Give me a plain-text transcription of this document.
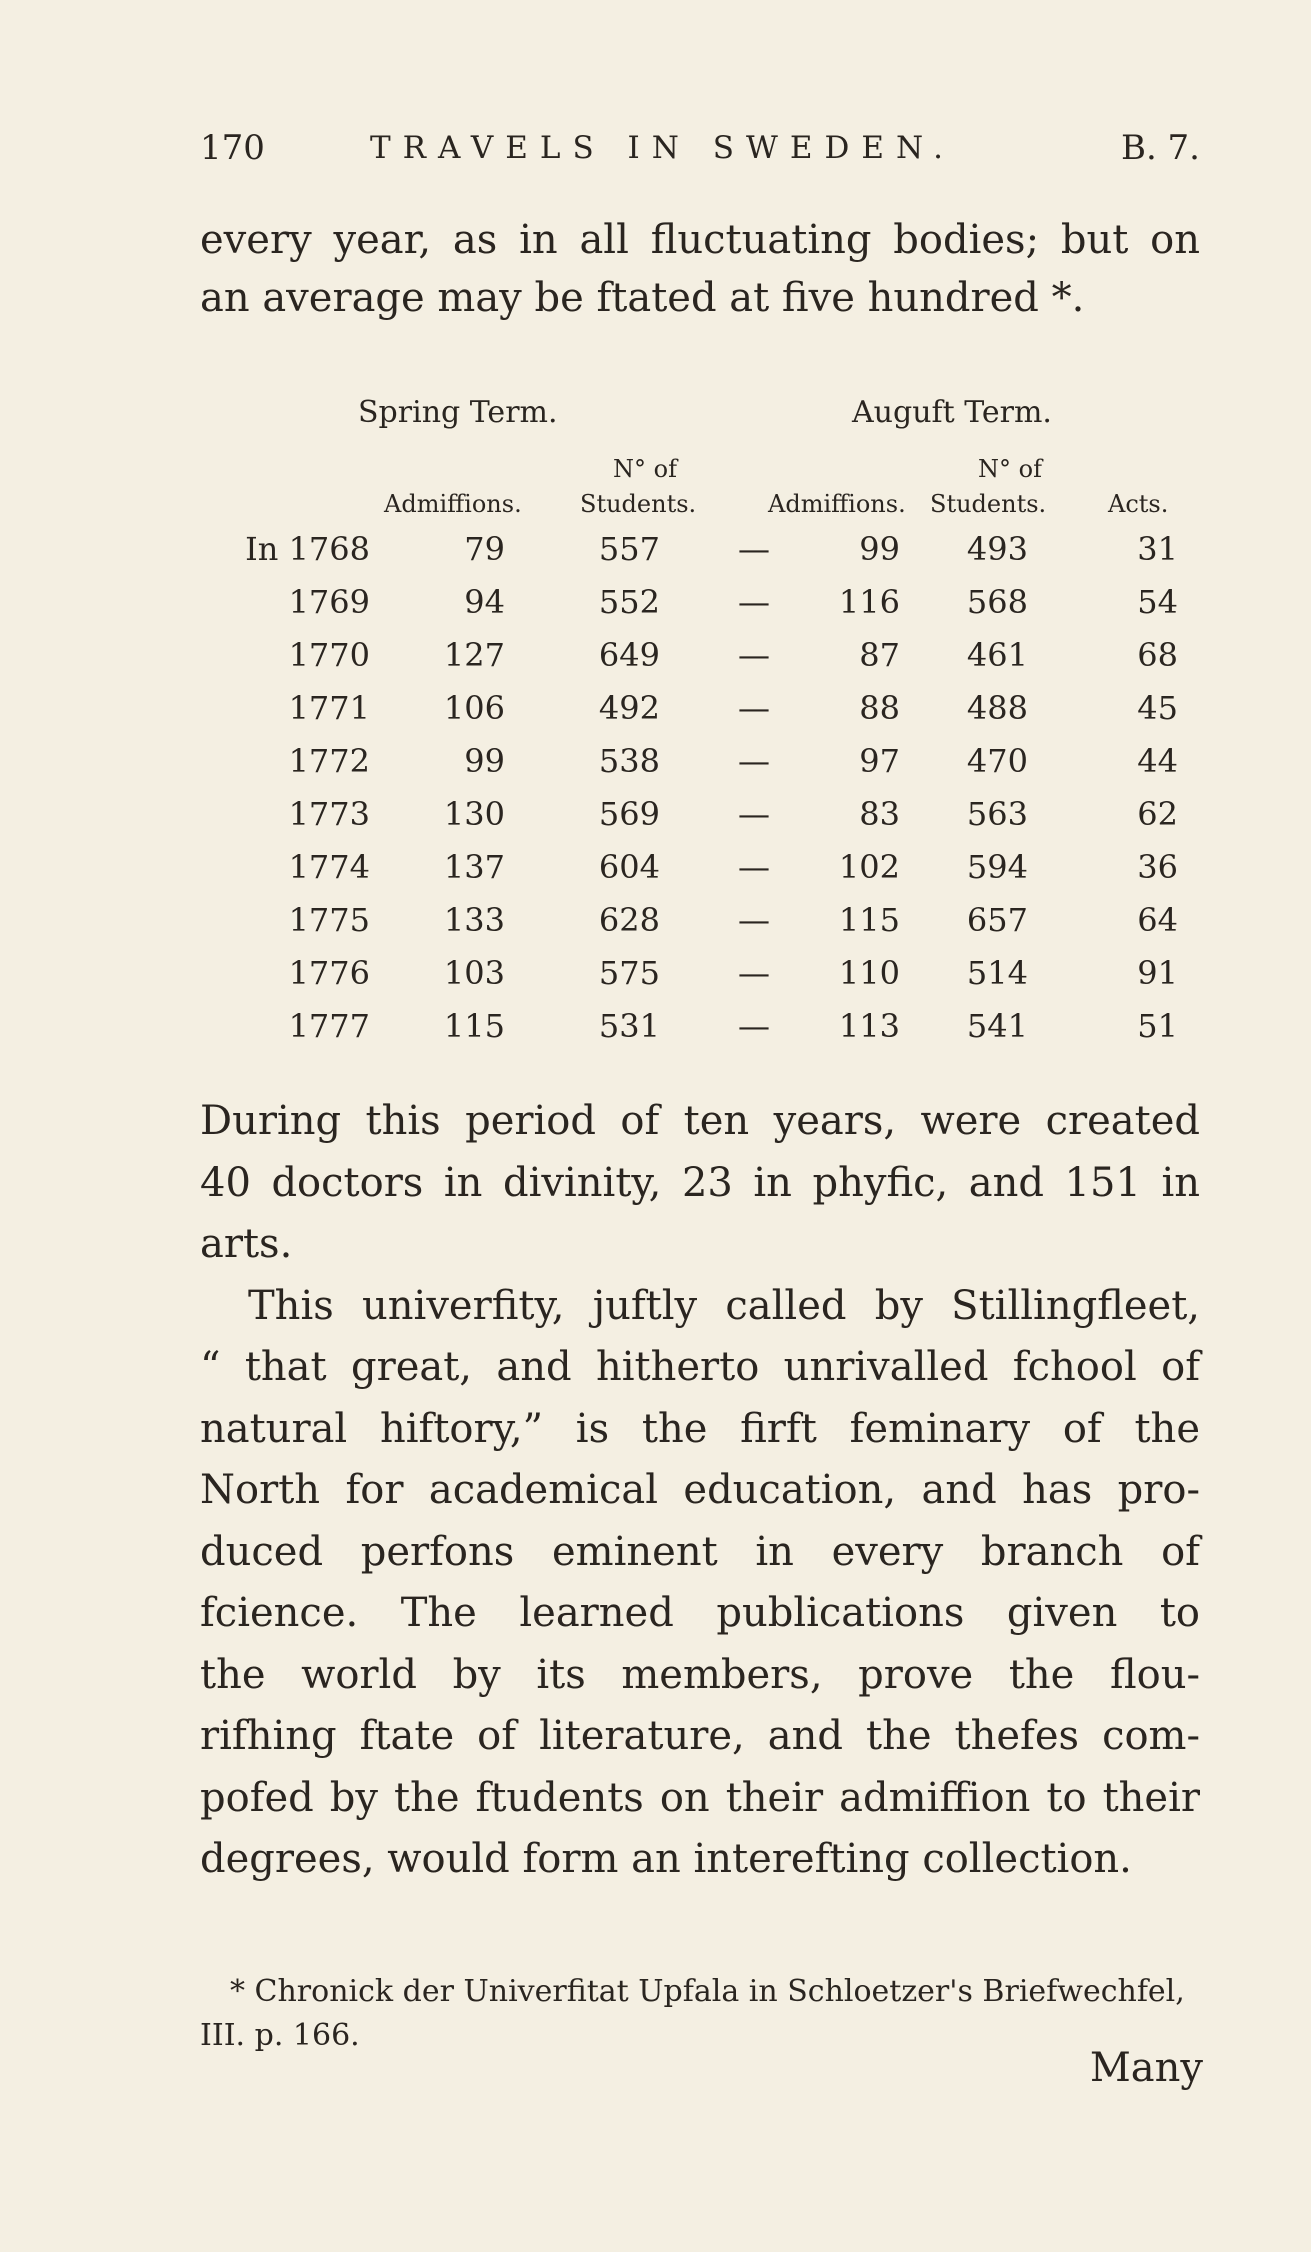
170	TRAVELS IN SWEDEN.	B. 7.
every year, as in all fluctuating bodies; but on
an average may be ftated at five hundred *.
Spring Term.	Auguft Term.
N° of	N° of
Admiffions. Students.	Admiffions. Students.	Acts.
In 1768	79	557 —	99 493	31
1769	94	552 — 116 568	54
1770 127	649 —	87 461	68
1771 106	492 —	88 488	45
1772	99	538 —	97 470	44
1773 130	569 —	83 563	62
1774 137	604 — 102 594	36
1775 133	628 — 115 657	64
1776 103	575 — 110 514	91
1777 115	531 — 113 541	51
During this period of ten years, were created
40 doctors in divinity, 23 in phyfic, and 151 in
arts.
This univerfity, juftly called by Stillingfleet,
“ that great, and hitherto unrivalled fchool of
natural hiftory,” is the firft feminary of the
North for academical education, and has pro-
duced perfons eminent in every branch of
fcience. The learned publications given to
the world by its members, prove the flou-
rifhing ftate of literature, and the thefes com-
pofed by the ftudents on their admiffion to their
degrees, would form an interefting collection.
* Chronick der Univerfitat Upfala in Schloetzer's Briefwechfel,
III. p. 166.
Many
